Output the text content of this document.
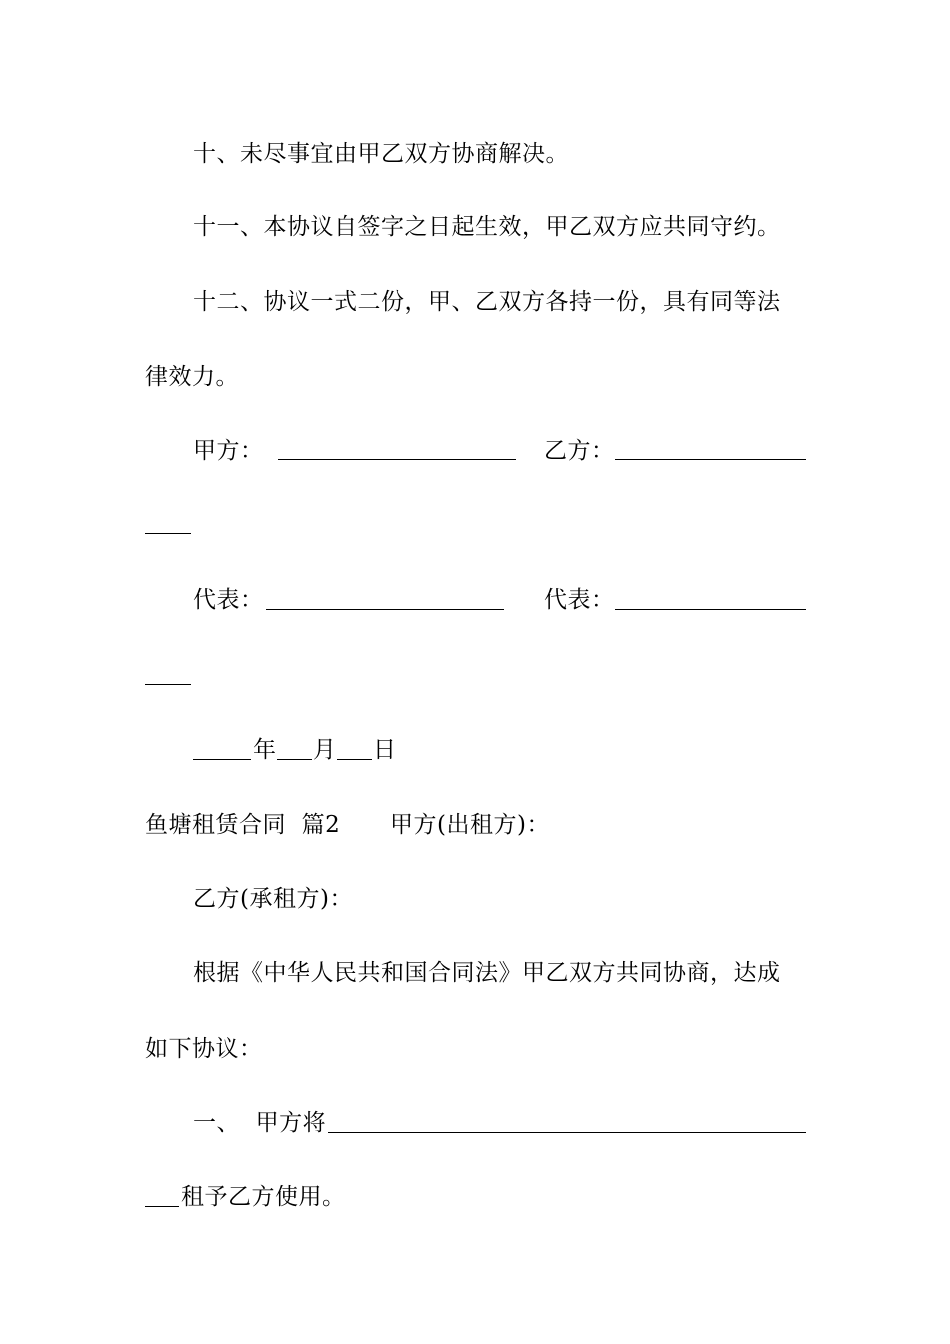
十、未尽事宜由甲乙双方协商解决。
十一、本协议自签字之日起生效，甲乙双方应共同守约。
十二、协议一式二份，甲、乙双方各持一份，具有同等法
律效力。
甲方：	乙方：
代表：	代表：
年 月 日
鱼塘租赁合同  篇2 甲方(出租方)：
乙方(承租方)：
根据《中华人民共和国合同法》甲乙双方共同协商，达成
如下协议：
一、  甲方将
租予乙方使用。
